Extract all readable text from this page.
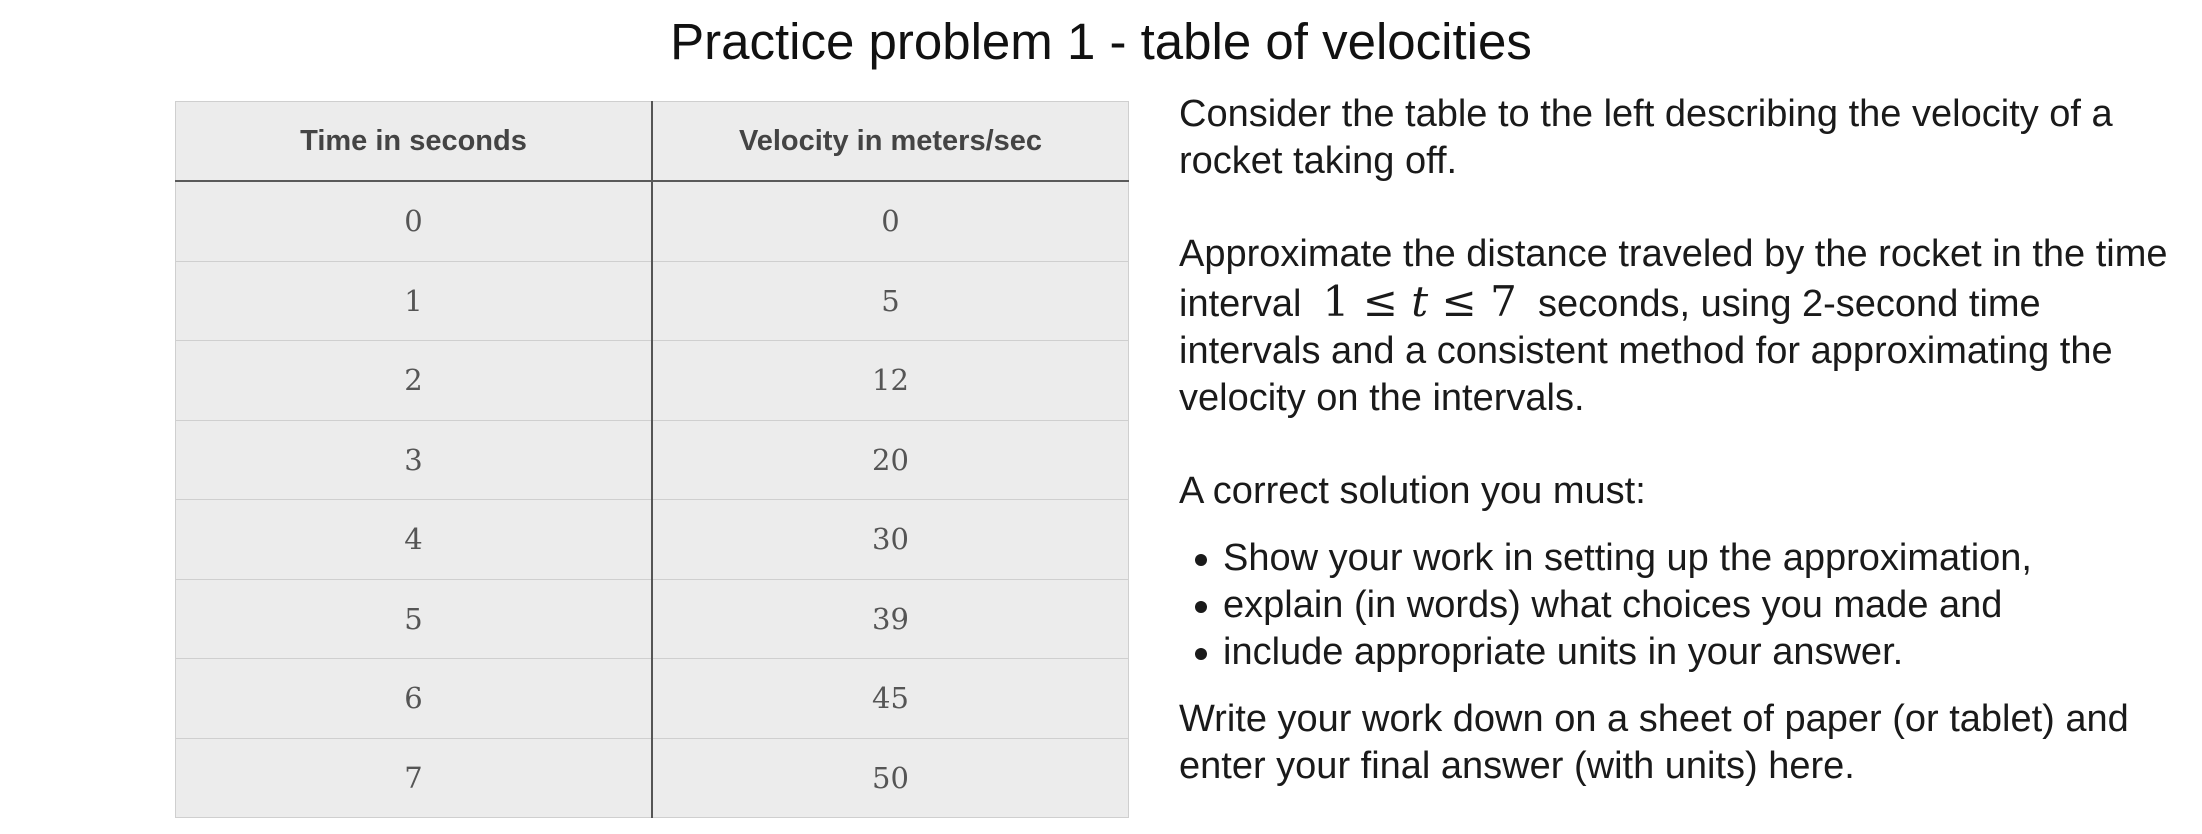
Practice problem 1 - table of velocities
Time in seconds	Velocity in meters/sec
0	0
1	5
2	12
3	20
4	30
5	39
6	45
7	50

Consider the table to the left describing the velocity of a rocket taking off.

Approximate the distance traveled by the rocket in the time interval 1 ≤ t ≤ 7 seconds, using 2-second time intervals and a consistent method for approximating the velocity on the intervals.

A correct solution you must:

Show your work in setting up the approximation,
explain (in words) what choices you made and
include appropriate units in your answer.

Write your work down on a sheet of paper (or tablet) and enter your final answer (with units) here.
